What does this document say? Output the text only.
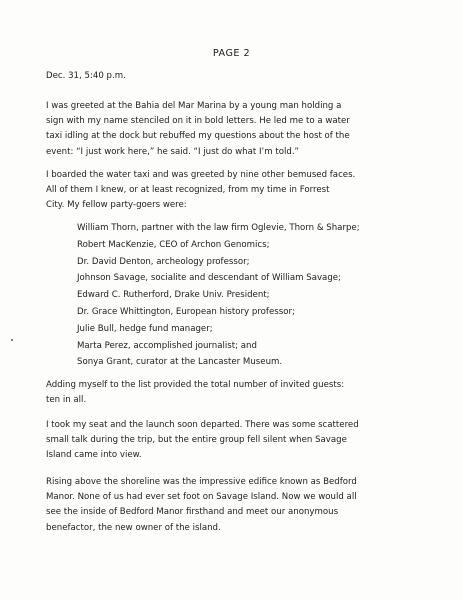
PAGE 2
Dec. 31, 5:40 p.m.
I was greeted at the Bahia del Mar Marina by a young man holding a
sign with my name stenciled on it in bold letters. He led me to a water
taxi idling at the dock but rebuffed my questions about the host of the
event: “I just work here,” he said. “I just do what I’m told.”
I boarded the water taxi and was greeted by nine other bemused faces.
All of them I knew, or at least recognized, from my time in Forrest
City. My fellow party-goers were:
William Thorn, partner with the law firm Oglevie, Thorn & Sharpe;
Robert MacKenzie, CEO of Archon Genomics;
Dr. David Denton, archeology professor;
Johnson Savage, socialite and descendant of William Savage;
Edward C. Rutherford, Drake Univ. President;
Dr. Grace Whittington, European history professor;
Julie Bull, hedge fund manager;
Marta Perez, accomplished journalist; and
Sonya Grant, curator at the Lancaster Museum.
Adding myself to the list provided the total number of invited guests:
ten in all.
I took my seat and the launch soon departed. There was some scattered
small talk during the trip, but the entire group fell silent when Savage
Island came into view.
Rising above the shoreline was the impressive edifice known as Bedford
Manor. None of us had ever set foot on Savage Island. Now we would all
see the inside of Bedford Manor firsthand and meet our anonymous
benefactor, the new owner of the island.
